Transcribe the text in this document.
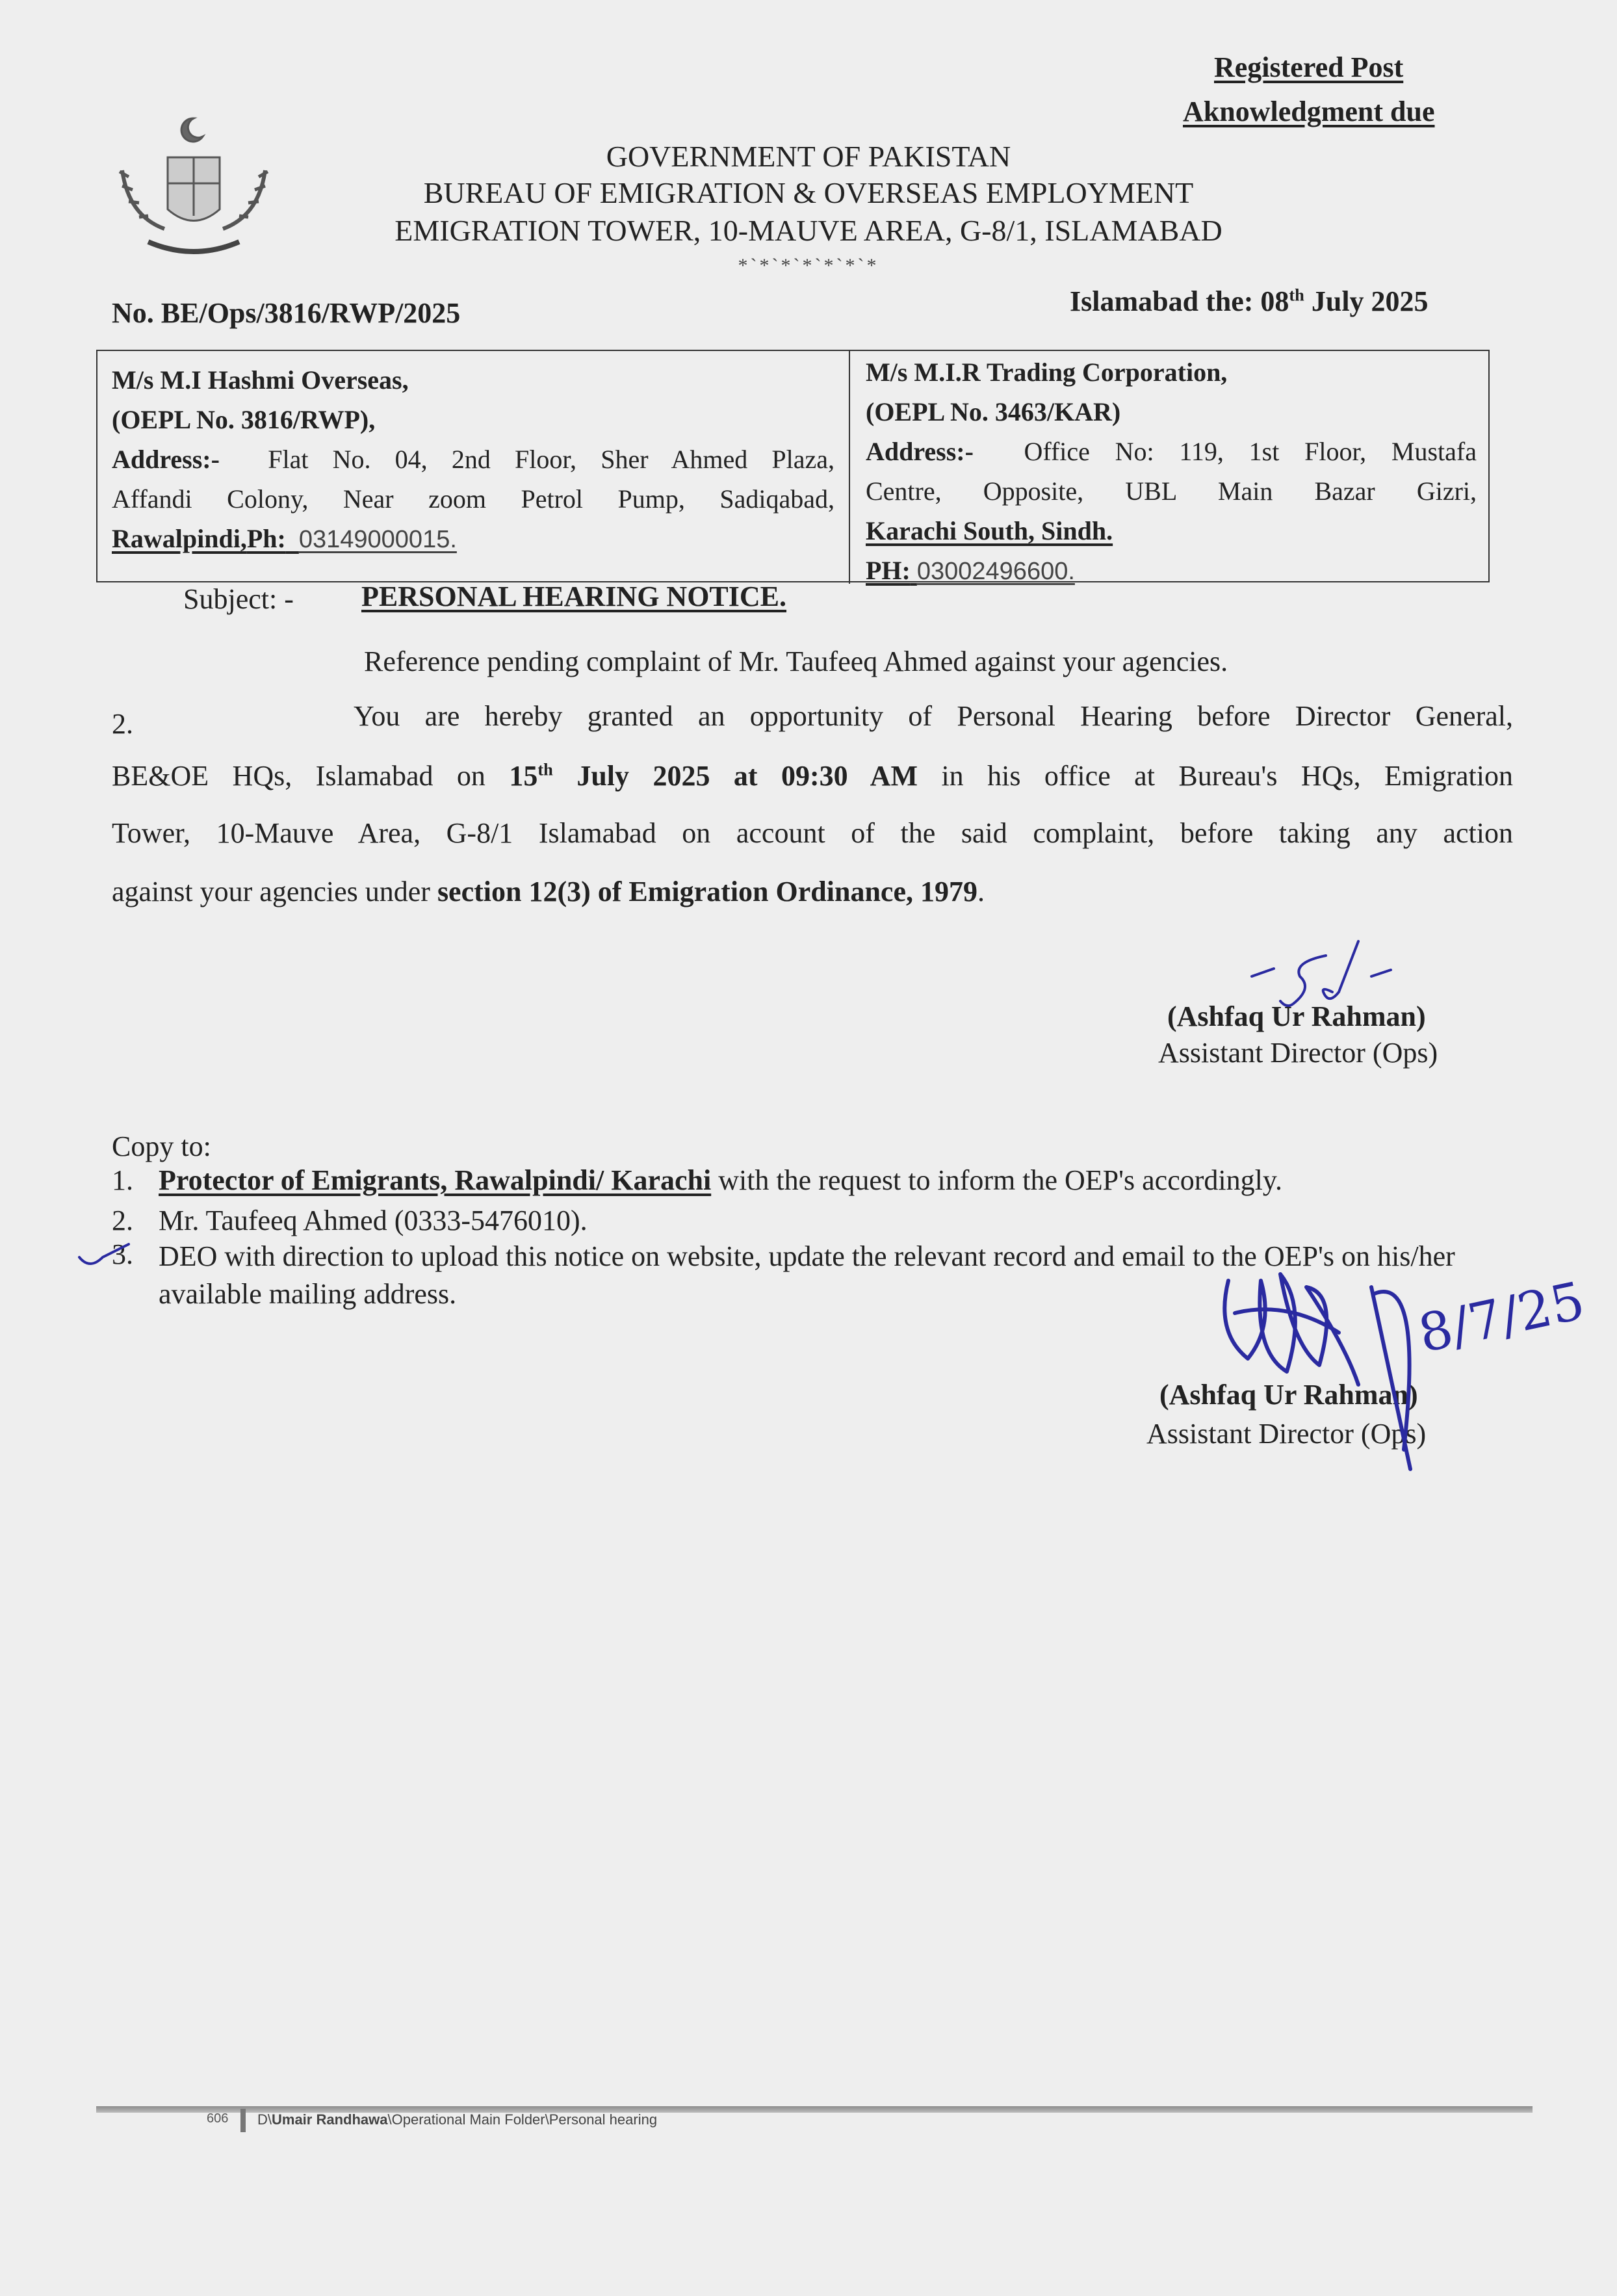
Registered Post
Aknowledgment due
GOVERNMENT OF PAKISTAN
BUREAU OF EMIGRATION & OVERSEAS EMPLOYMENT
EMIGRATION TOWER, 10-MAUVE AREA, G-8/1, ISLAMABAD
*`*`*`*`*`*`*
No. BE/Ops/3816/RWP/2025	Islamabad the: 08th July 2025
M/s M.I Hashmi Overseas,
(OEPL No. 3816/RWP),
Address:- Flat No. 04, 2nd Floor, Sher Ahmed Plaza,
Affandi Colony, Near zoom Petrol Pump, Sadiqabad,
Rawalpindi,Ph: 03149000015.
M/s M.I.R Trading Corporation,
(OEPL No. 3463/KAR)
Address:- Office No: 119, 1st Floor, Mustafa
Centre, Opposite, UBL Main Bazar Gizri,
Karachi South, Sindh.
PH: 03002496600.
Subject: - PERSONAL HEARING NOTICE.
Reference pending complaint of Mr. Taufeeq Ahmed against your agencies.
2.	You are hereby granted an opportunity of Personal Hearing before Director General,
BE&OE HQs, Islamabad on 15th July 2025 at 09:30 AM in his office at Bureau's HQs, Emigration
Tower, 10-Mauve Area, G-8/1 Islamabad on account of the said complaint, before taking any action
against your agencies under section 12(3) of Emigration Ordinance, 1979.
(Ashfaq Ur Rahman)
Assistant Director (Ops)
Copy to:
1. Protector of Emigrants, Rawalpindi/ Karachi with the request to inform the OEP's accordingly.
2. Mr. Taufeeq Ahmed (0333-5476010).
3. DEO with direction to upload this notice on website, update the relevant record and email to the OEP's on his/her available mailing address.
(Ashfaq Ur Rahman)
Assistant Director (Ops)
8/7/25
606 D\Umair Randhawa\Operational Main Folder\Personal hearing
